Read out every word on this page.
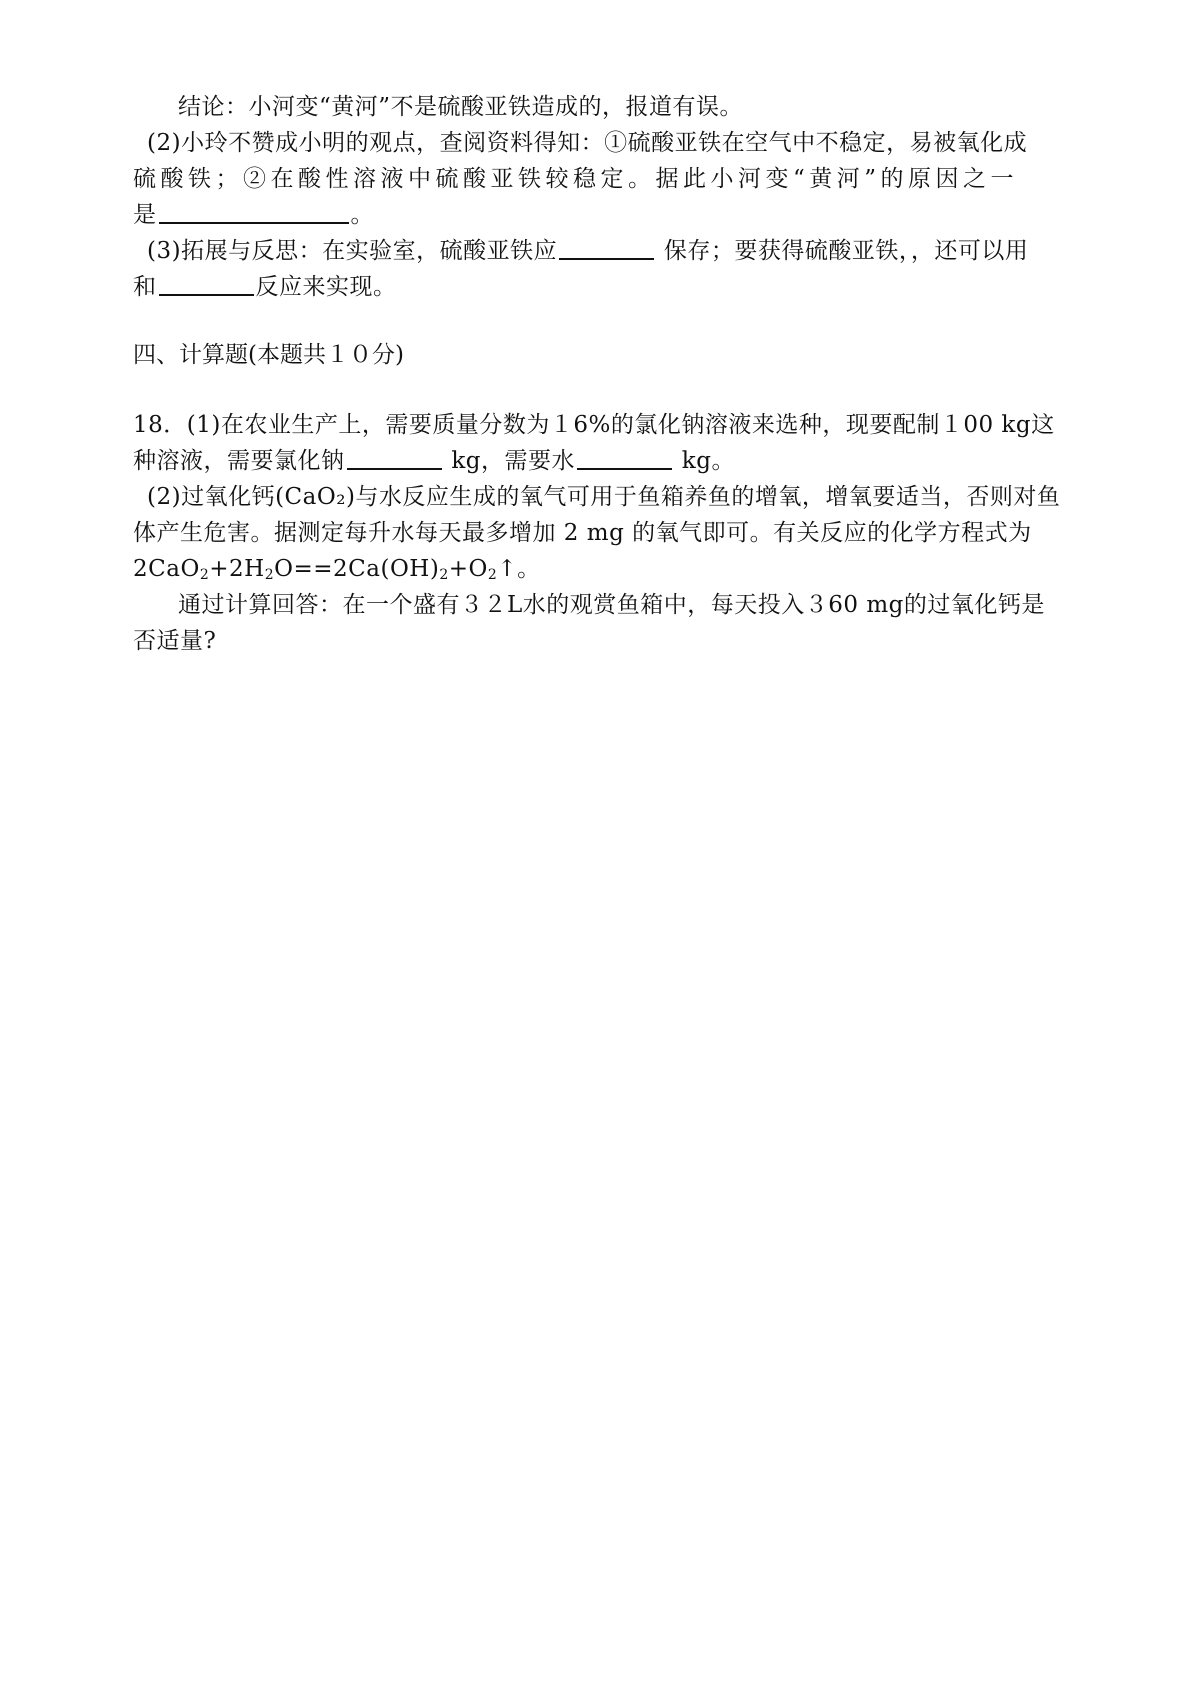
结论：小河变“黄河”不是硫酸亚铁造成的，报道有误。
(2)小玲不赞成小明的观点，查阅资料得知：①硫酸亚铁在空气中不稳定，易被氧化成
硫酸铁；②在酸性溶液中硫酸亚铁较稳定。据此小河变“黄河”的原因之一
是	。
(3)拓展与反思：在实验室，硫酸亚铁应	保存；要获得硫酸亚铁，，还可以用
和	反应来实现。
四、计算题(本题共１０分)
18．(1)在农业生产上，需要质量分数为１6%的氯化钠溶液来选种，现要配制１00 kg这
种溶液，需要氯化钠	kg，需要水	kg。
(2)过氧化钙(CaO₂)与水反应生成的氧气可用于鱼箱养鱼的增氧，增氧要适当，否则对鱼
体产生危害。据测定每升水每天最多增加 2 mg 的氧气即可。有关反应的化学方程式为
$2CaO_2+2H_2O==2Ca(OH)_2+O_2↑$。
通过计算回答：在一个盛有３２L水的观赏鱼箱中，每天投入３60 mg的过氧化钙是
否适量?
